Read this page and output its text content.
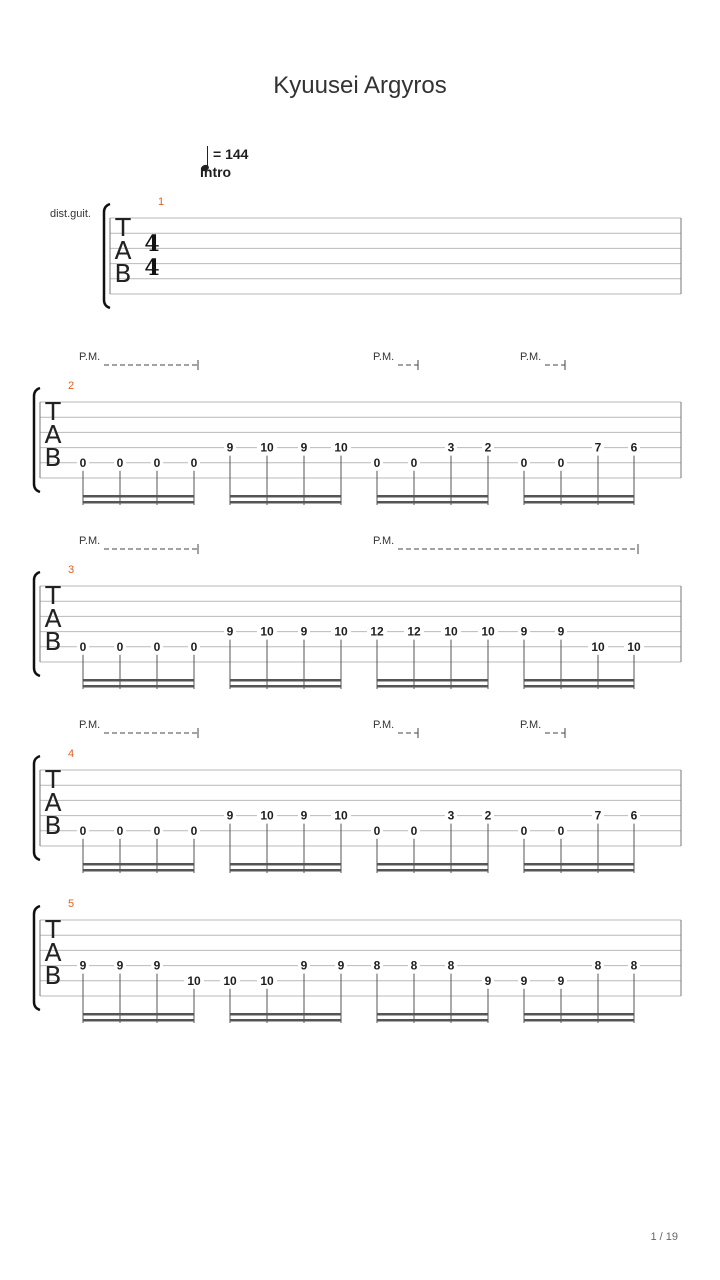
Kyuusei Argyros
= 144
Intro
dist.guit. T
A
B
1
4
4
T
A
B
2
0	0	0	0
9 10 9 10
0	0
3	2
0	0
7 6
P.M.	P.M.	P.M.
T
A
B
3
0	0	0	0
9 10 9 10 12 12 10 10 9	9
10 10
P.M.	P.M.
T
A
B
4
0	0	0	0
9 10 9 10
0	0
3	2
0	0
7 6
P.M.	P.M.	P.M.
T
A
B
5
9	9	9
10 10 10
9	9 8	8	8
9 9	9
8 8
1 / 19
